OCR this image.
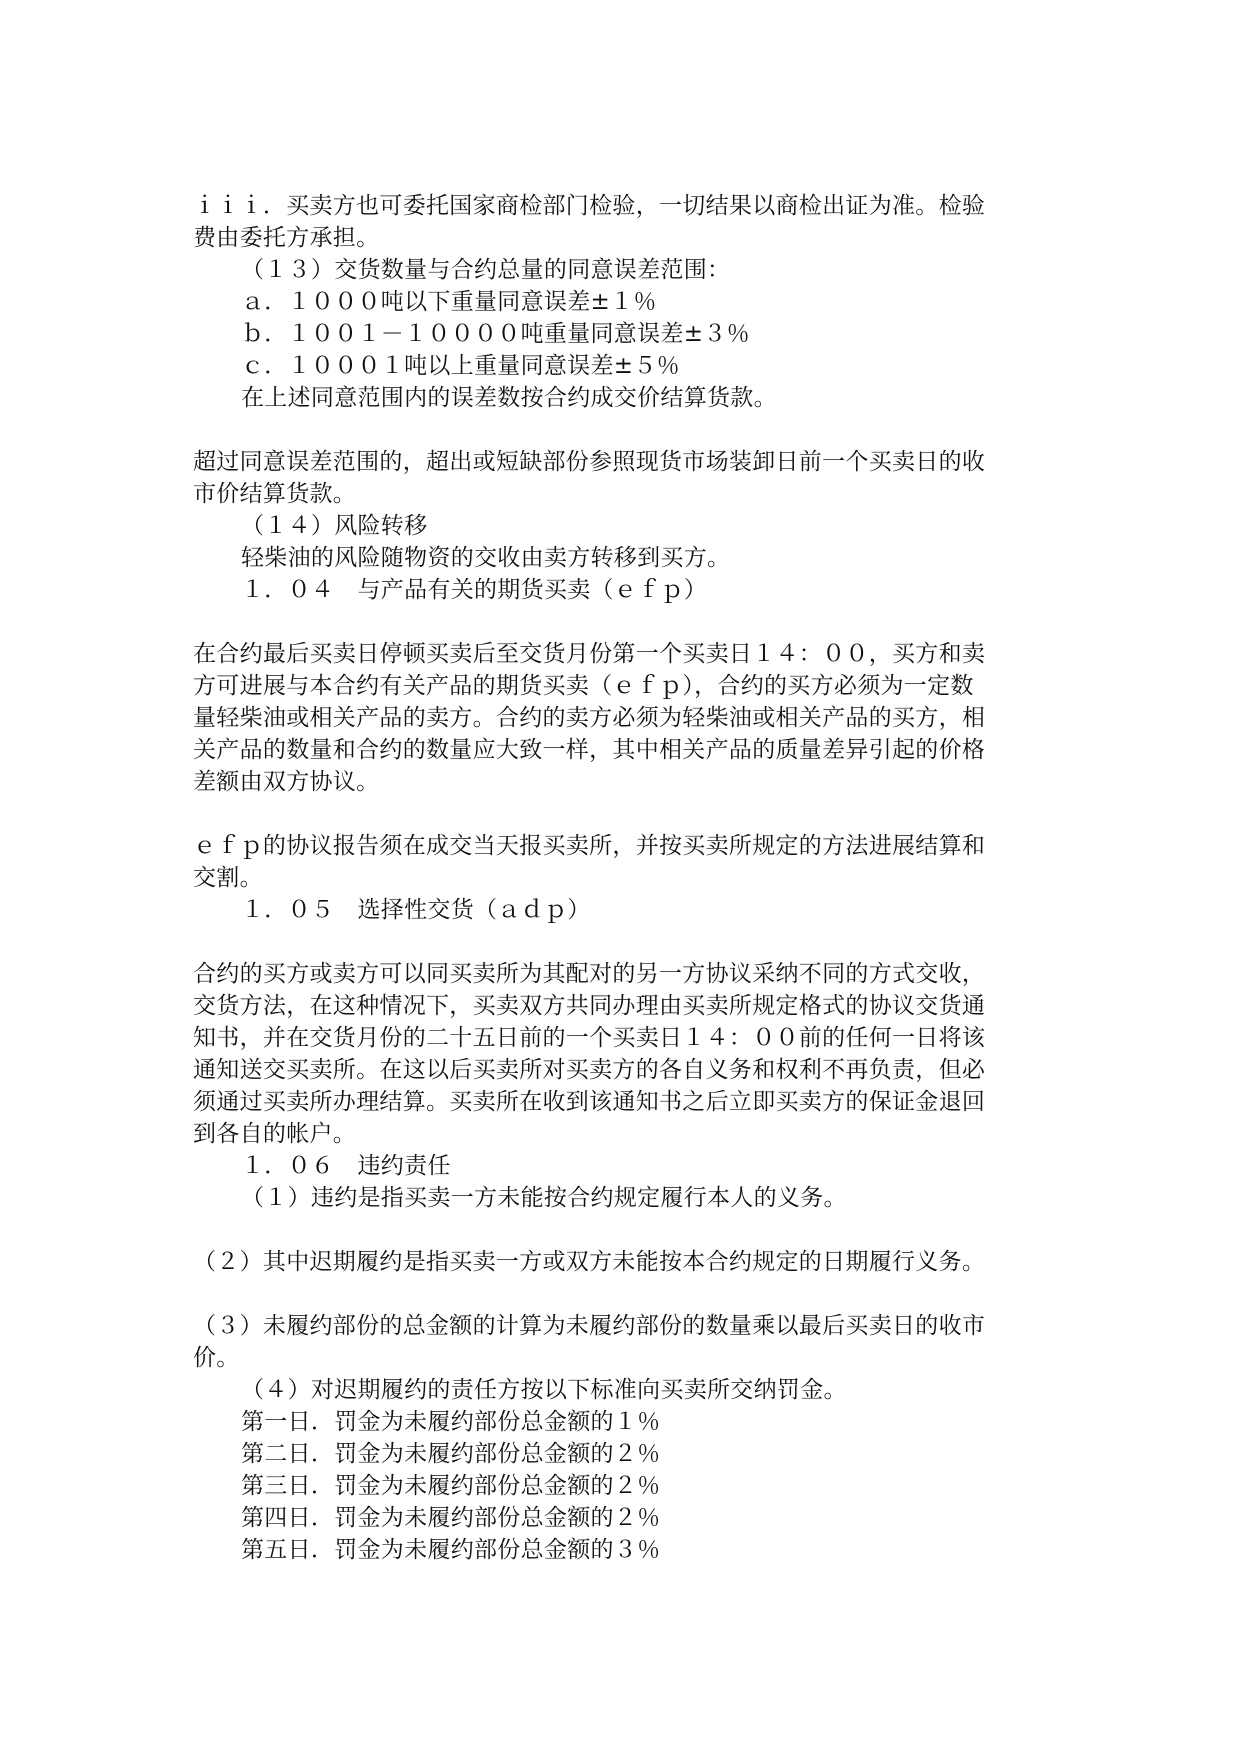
ｉｉｉ．买卖方也可委托国家商检部门检验，一切结果以商检出证为准。检验
费由委托方承担。
（１３）交货数量与合约总量的同意误差范围：
ａ．１０００吨以下重量同意误差±１％
ｂ．１００１－１００００吨重量同意误差±３％
ｃ．１０００１吨以上重量同意误差±５％
在上述同意范围内的误差数按合约成交价结算货款。
超过同意误差范围的，超出或短缺部份参照现货市场装卸日前一个买卖日的收
市价结算货款。
（１４）风险转移
轻柴油的风险随物资的交收由卖方转移到买方。
１．０４　与产品有关的期货买卖（ｅｆｐ）
在合约最后买卖日停顿买卖后至交货月份第一个买卖日１４：００，买方和卖
方可进展与本合约有关产品的期货买卖（ｅｆｐ），合约的买方必须为一定数
量轻柴油或相关产品的卖方。合约的卖方必须为轻柴油或相关产品的买方，相
关产品的数量和合约的数量应大致一样，其中相关产品的质量差异引起的价格
差额由双方协议。
ｅｆｐ的协议报告须在成交当天报买卖所，并按买卖所规定的方法进展结算和
交割。
１．０５　选择性交货（ａｄｐ）
合约的买方或卖方可以同买卖所为其配对的另一方协议采纳不同的方式交收，
交货方法，在这种情况下，买卖双方共同办理由买卖所规定格式的协议交货通
知书，并在交货月份的二十五日前的一个买卖日１４：００前的任何一日将该
通知送交买卖所。在这以后买卖所对买卖方的各自义务和权利不再负责，但必
须通过买卖所办理结算。买卖所在收到该通知书之后立即买卖方的保证金退回
到各自的帐户。
１．０６　违约责任
（１）违约是指买卖一方未能按合约规定履行本人的义务。
（２）其中迟期履约是指买卖一方或双方未能按本合约规定的日期履行义务。
（３）未履约部份的总金额的计算为未履约部份的数量乘以最后买卖日的收市
价。
（４）对迟期履约的责任方按以下标准向买卖所交纳罚金。
第一日．罚金为未履约部份总金额的１％
第二日．罚金为未履约部份总金额的２％
第三日．罚金为未履约部份总金额的２％
第四日．罚金为未履约部份总金额的２％
第五日．罚金为未履约部份总金额的３％
